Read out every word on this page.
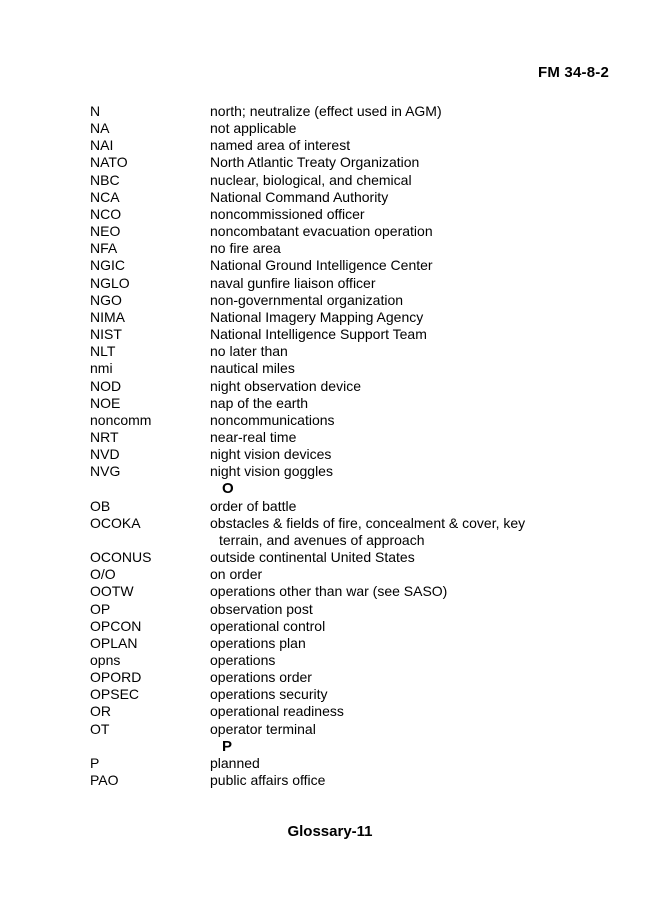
FM 34-8-2
N	north; neutralize (effect used in AGM)
NA	not applicable
NAI	named area of interest
NATO	North Atlantic Treaty Organization
NBC	nuclear, biological, and chemical
NCA	National Command Authority
NCO	noncommissioned officer
NEO	noncombatant evacuation operation
NFA	no fire area
NGIC	National Ground Intelligence Center
NGLO	naval gunfire liaison officer
NGO	non-governmental organization
NIMA	National Imagery Mapping Agency
NIST	National Intelligence Support Team
NLT	no later than
nmi	nautical miles
NOD	night observation device
NOE	nap of the earth
noncomm	noncommunications
NRT	near-real time
NVD	night vision devices
NVG	night vision goggles
O
OB	order of battle
OCOKA	obstacles & fields of fire, concealment & cover, key
terrain, and avenues of approach
OCONUS	outside continental United States
O/O	on order
OOTW	operations other than war (see SASO)
OP	observation post
OPCON	operational control
OPLAN	operations plan
opns	operations
OPORD	operations order
OPSEC	operations security
OR	operational readiness
OT	operator terminal
P
P	planned
PAO	public affairs office
Glossary-11
